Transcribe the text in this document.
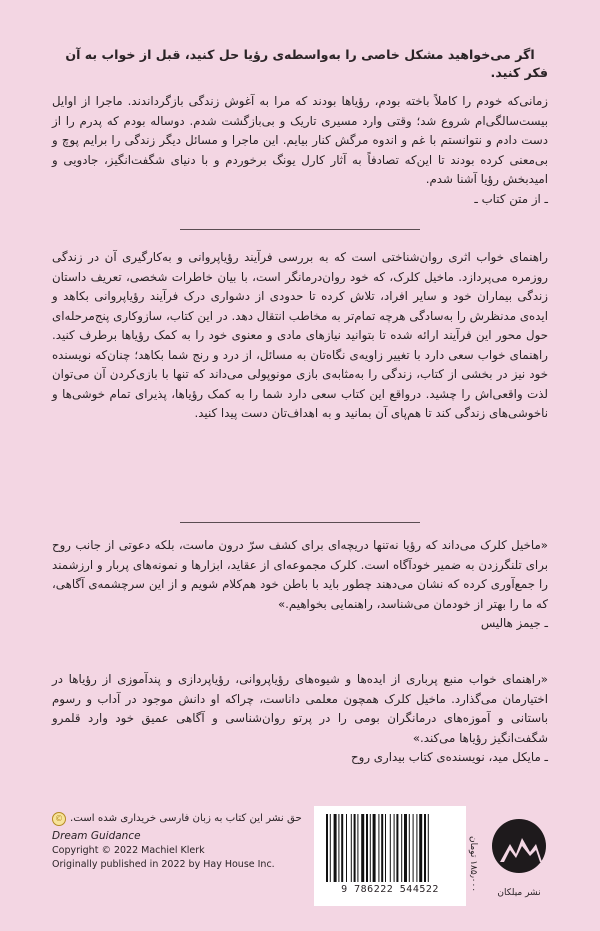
اگر می‌خواهید مشکل خاصی را به‌واسطه‌ی رؤیا حل کنید، قبل از خواب به آن فکر کنید.
زمانی‌که خودم را کاملاً باخته بودم، رؤیاها بودند که مرا به آغوش زندگی بازگرداندند. ماجرا از اوایل بیست‌سالگی‌ام شروع شد؛ وقتی وارد مسیری تاریک و بی‌بازگشت شدم. دوساله بودم که پدرم را از دست دادم و نتوانستم با غم و اندوه مرگش کنار بیایم. این ماجرا و مسائل دیگر زندگی را برایم پوچ و بی‌معنی کرده بودند تا این‌که تصادفاً به آثار کارل یونگ برخوردم و با دنیای شگفت‌انگیز، جادویی و امیدبخش رؤیا آشنا شدم.
ـ از متن کتاب ـ
راهنمای خواب اثری روان‌شناختی است که به بررسی فرآیند رؤیاپروانی و به‌کارگیری آن در زندگی روزمره می‌پردازد. ماخیل کلرک، که خود روان‌درمانگر است، با بیان خاطرات شخصی، تعریف داستان زندگی بیماران خود و سایر افراد، تلاش کرده تا حدودی از دشواری درک فرآیند رؤیاپروانی بکاهد و ایده‌ی مدنظرش را به‌سادگی هرچه تمام‌تر به مخاطب انتقال دهد. در این کتاب، سازوکاری پنج‌مرحله‌ای حول محور این فرآیند ارائه شده تا بتوانید نیازهای مادی و معنوی خود را به کمک رؤیاها برطرف کنید. راهنمای خواب سعی دارد با تغییر زاویه‌ی نگاه‌تان به مسائل، از درد و رنج شما بکاهد؛ چنان‌که نویسنده خود نیز در بخشی از کتاب، زندگی را به‌مثابه‌ی بازی مونوپولی می‌داند که تنها با بازی‌کردن آن می‌توان لذت واقعی‌اش را چشید. درواقع این کتاب سعی دارد شما را به کمک رؤیاها، پذیرای تمام خوشی‌ها و ناخوشی‌های زندگی کند تا هم‌پای آن بمانید و به اهداف‌تان دست پیدا کنید.
«ماخیل کلرک می‌داند که رؤیا نه‌تنها دریچه‌ای برای کشف سرّ درون ماست، بلکه دعوتی از جانب روح برای تلنگرزدن به ضمیر خودآگاه است. کلرک مجموعه‌ای از عقاید، ابزارها و نمونه‌های پربار و ارزشمند را جمع‌آوری کرده که نشان می‌دهند چطور باید با باطن خود هم‌کلام شویم و از این سرچشمه‌ی آگاهی، که ما را بهتر از خودمان می‌شناسد، راهنمایی بخواهیم.»
ـ جیمز هالیس
«راهنمای خواب منبع پرباری از ایده‌ها و شیوه‌های رؤیاپروانی، رؤیاپردازی و پندآموزی از رؤیاها در اختیارمان می‌گذارد. ماخیل کلرک همچون معلمی داناست، چراکه او دانش موجود در آداب و رسوم باستانی و آموزه‌های درمانگران بومی را در پرتو روان‌شناسی و آگاهی عمیق خود وارد قلمرو شگفت‌انگیز رؤیاها می‌کند.»
ـ مایکل مید، نویسنده‌ی کتاب بیداری روح
حق نشر این کتاب به زبان فارسی خریداری شده است.
©
Dream Guidance
Copyright © 2022 Machiel Klerk
Originally published in 2022 by Hay House Inc.
9 786222 544522
۱۸۵٫۰۰۰ تومان
نشر میلکان
